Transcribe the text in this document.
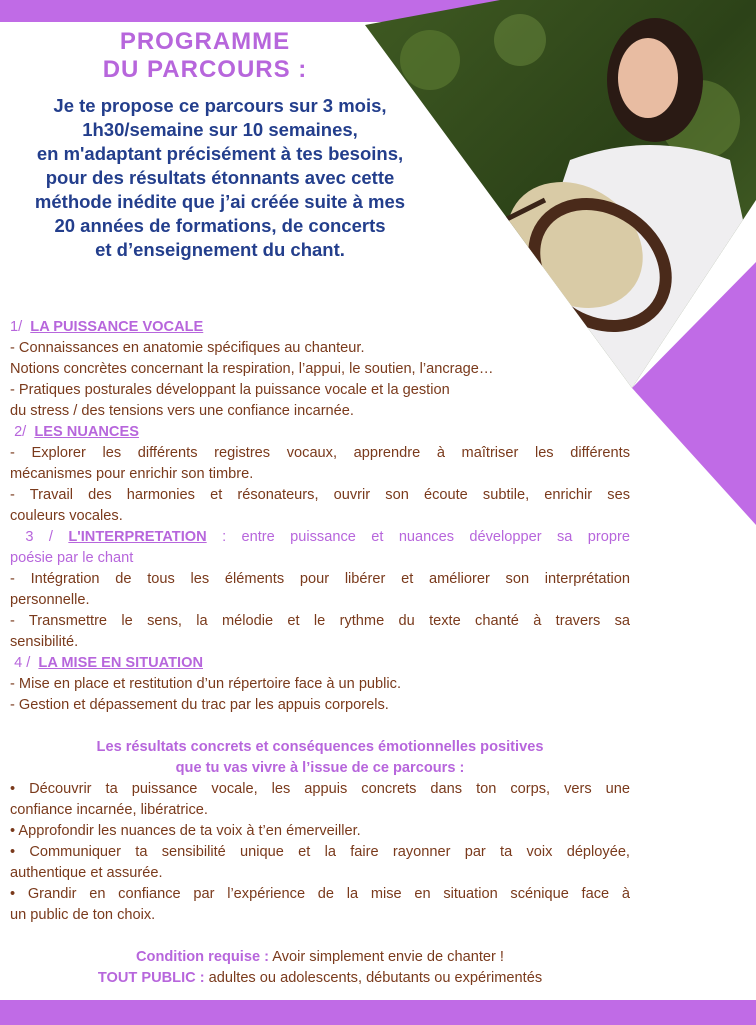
PROGRAMME
DU PARCOURS :
Je te propose ce parcours sur 3 mois,
1h30/semaine sur 10 semaines,
en m'adaptant précisément à tes besoins,
pour des résultats étonnants avec cette
méthode inédite que j’ai créée suite à mes
20 années de formations, de concerts
et d’enseignement du chant.
1/ LA PUISSANCE VOCALE
- Connaissances en anatomie spécifiques au chanteur.
Notions concrètes concernant la respiration, l’appui, le soutien, l’ancrage…
- Pratiques posturales développant la puissance vocale et la gestion
du stress / des tensions vers une confiance incarnée.
2/ LES NUANCES
- Explorer les différents registres vocaux, apprendre à maîtriser les différents
mécanismes pour enrichir son timbre.
- Travail des harmonies et résonateurs, ouvrir son écoute subtile, enrichir ses
couleurs vocales.
3 / L'INTERPRETATION : entre puissance et nuances développer sa propre
poésie par le chant
- Intégration de tous les éléments pour libérer et améliorer son interprétation
personnelle.
- Transmettre le sens, la mélodie et le rythme du texte chanté à travers sa
sensibilité.
4 / LA MISE EN SITUATION
- Mise en place et restitution d’un répertoire face à un public.
- Gestion et dépassement du trac par les appuis corporels.
Les résultats concrets et conséquences émotionnelles positives
que tu vas vivre à l’issue de ce parcours :
• Découvrir ta puissance vocale, les appuis concrets dans ton corps, vers une
confiance incarnée, libératrice.
• Approfondir les nuances de ta voix à t’en émerveiller.
• Communiquer ta sensibilité unique et la faire rayonner par ta voix déployée,
authentique et assurée.
• Grandir en confiance par l’expérience de la mise en situation scénique face à
un public de ton choix.
Condition requise : Avoir simplement envie de chanter !
TOUT PUBLIC : adultes ou adolescents, débutants ou expérimentés
